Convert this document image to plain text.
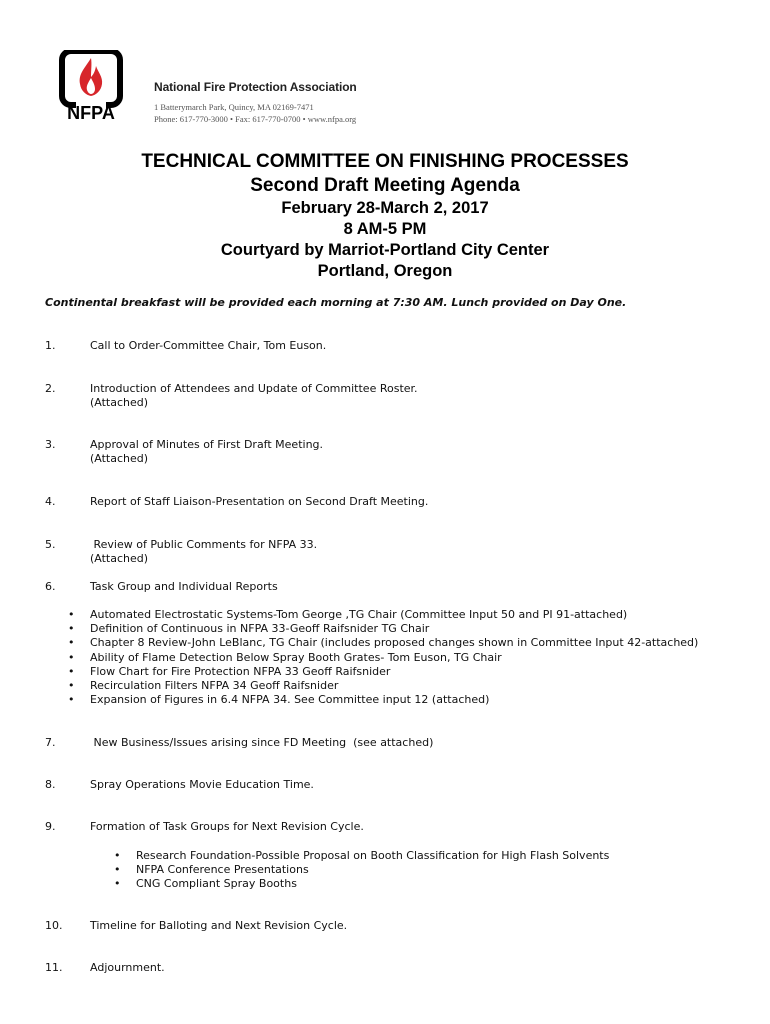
NFPA
National Fire Protection Association
1 Batterymarch Park, Quincy, MA 02169-7471
Phone: 617-770-3000 • Fax: 617-770-0700 • www.nfpa.org
TECHNICAL COMMITTEE ON FINISHING PROCESSES
Second Draft Meeting Agenda
February 28-March 2, 2017
8 AM-5 PM
Courtyard by Marriot-Portland City Center
Portland, Oregon
Continental breakfast will be provided each morning at 7:30 AM. Lunch provided on Day One.
1.	Call to Order-Committee Chair, Tom Euson.
2.	Introduction of Attendees and Update of Committee Roster.
(Attached)
3.	Approval of Minutes of First Draft Meeting.
(Attached)
4.	Report of Staff Liaison-Presentation on Second Draft Meeting.
5.	Review of Public Comments for NFPA 33.
(Attached)
6.	Task Group and Individual Reports
• Automated Electrostatic Systems-Tom George ,TG Chair (Committee Input 50 and PI 91-attached)
• Definition of Continuous in NFPA 33-Geoff Raifsnider TG Chair
• Chapter 8 Review-John LeBlanc, TG Chair (includes proposed changes shown in Committee Input 42-attached)
• Ability of Flame Detection Below Spray Booth Grates- Tom Euson, TG Chair
• Flow Chart for Fire Protection NFPA 33 Geoff Raifsnider
• Recirculation Filters NFPA 34 Geoff Raifsnider
• Expansion of Figures in 6.4 NFPA 34. See Committee input 12 (attached)
7.	New Business/Issues arising since FD Meeting  (see attached)
8.	Spray Operations Movie Education Time.
9.	Formation of Task Groups for Next Revision Cycle.
• Research Foundation-Possible Proposal on Booth Classification for High Flash Solvents
• NFPA Conference Presentations
• CNG Compliant Spray Booths
10.	Timeline for Balloting and Next Revision Cycle.
11.	Adjournment.
